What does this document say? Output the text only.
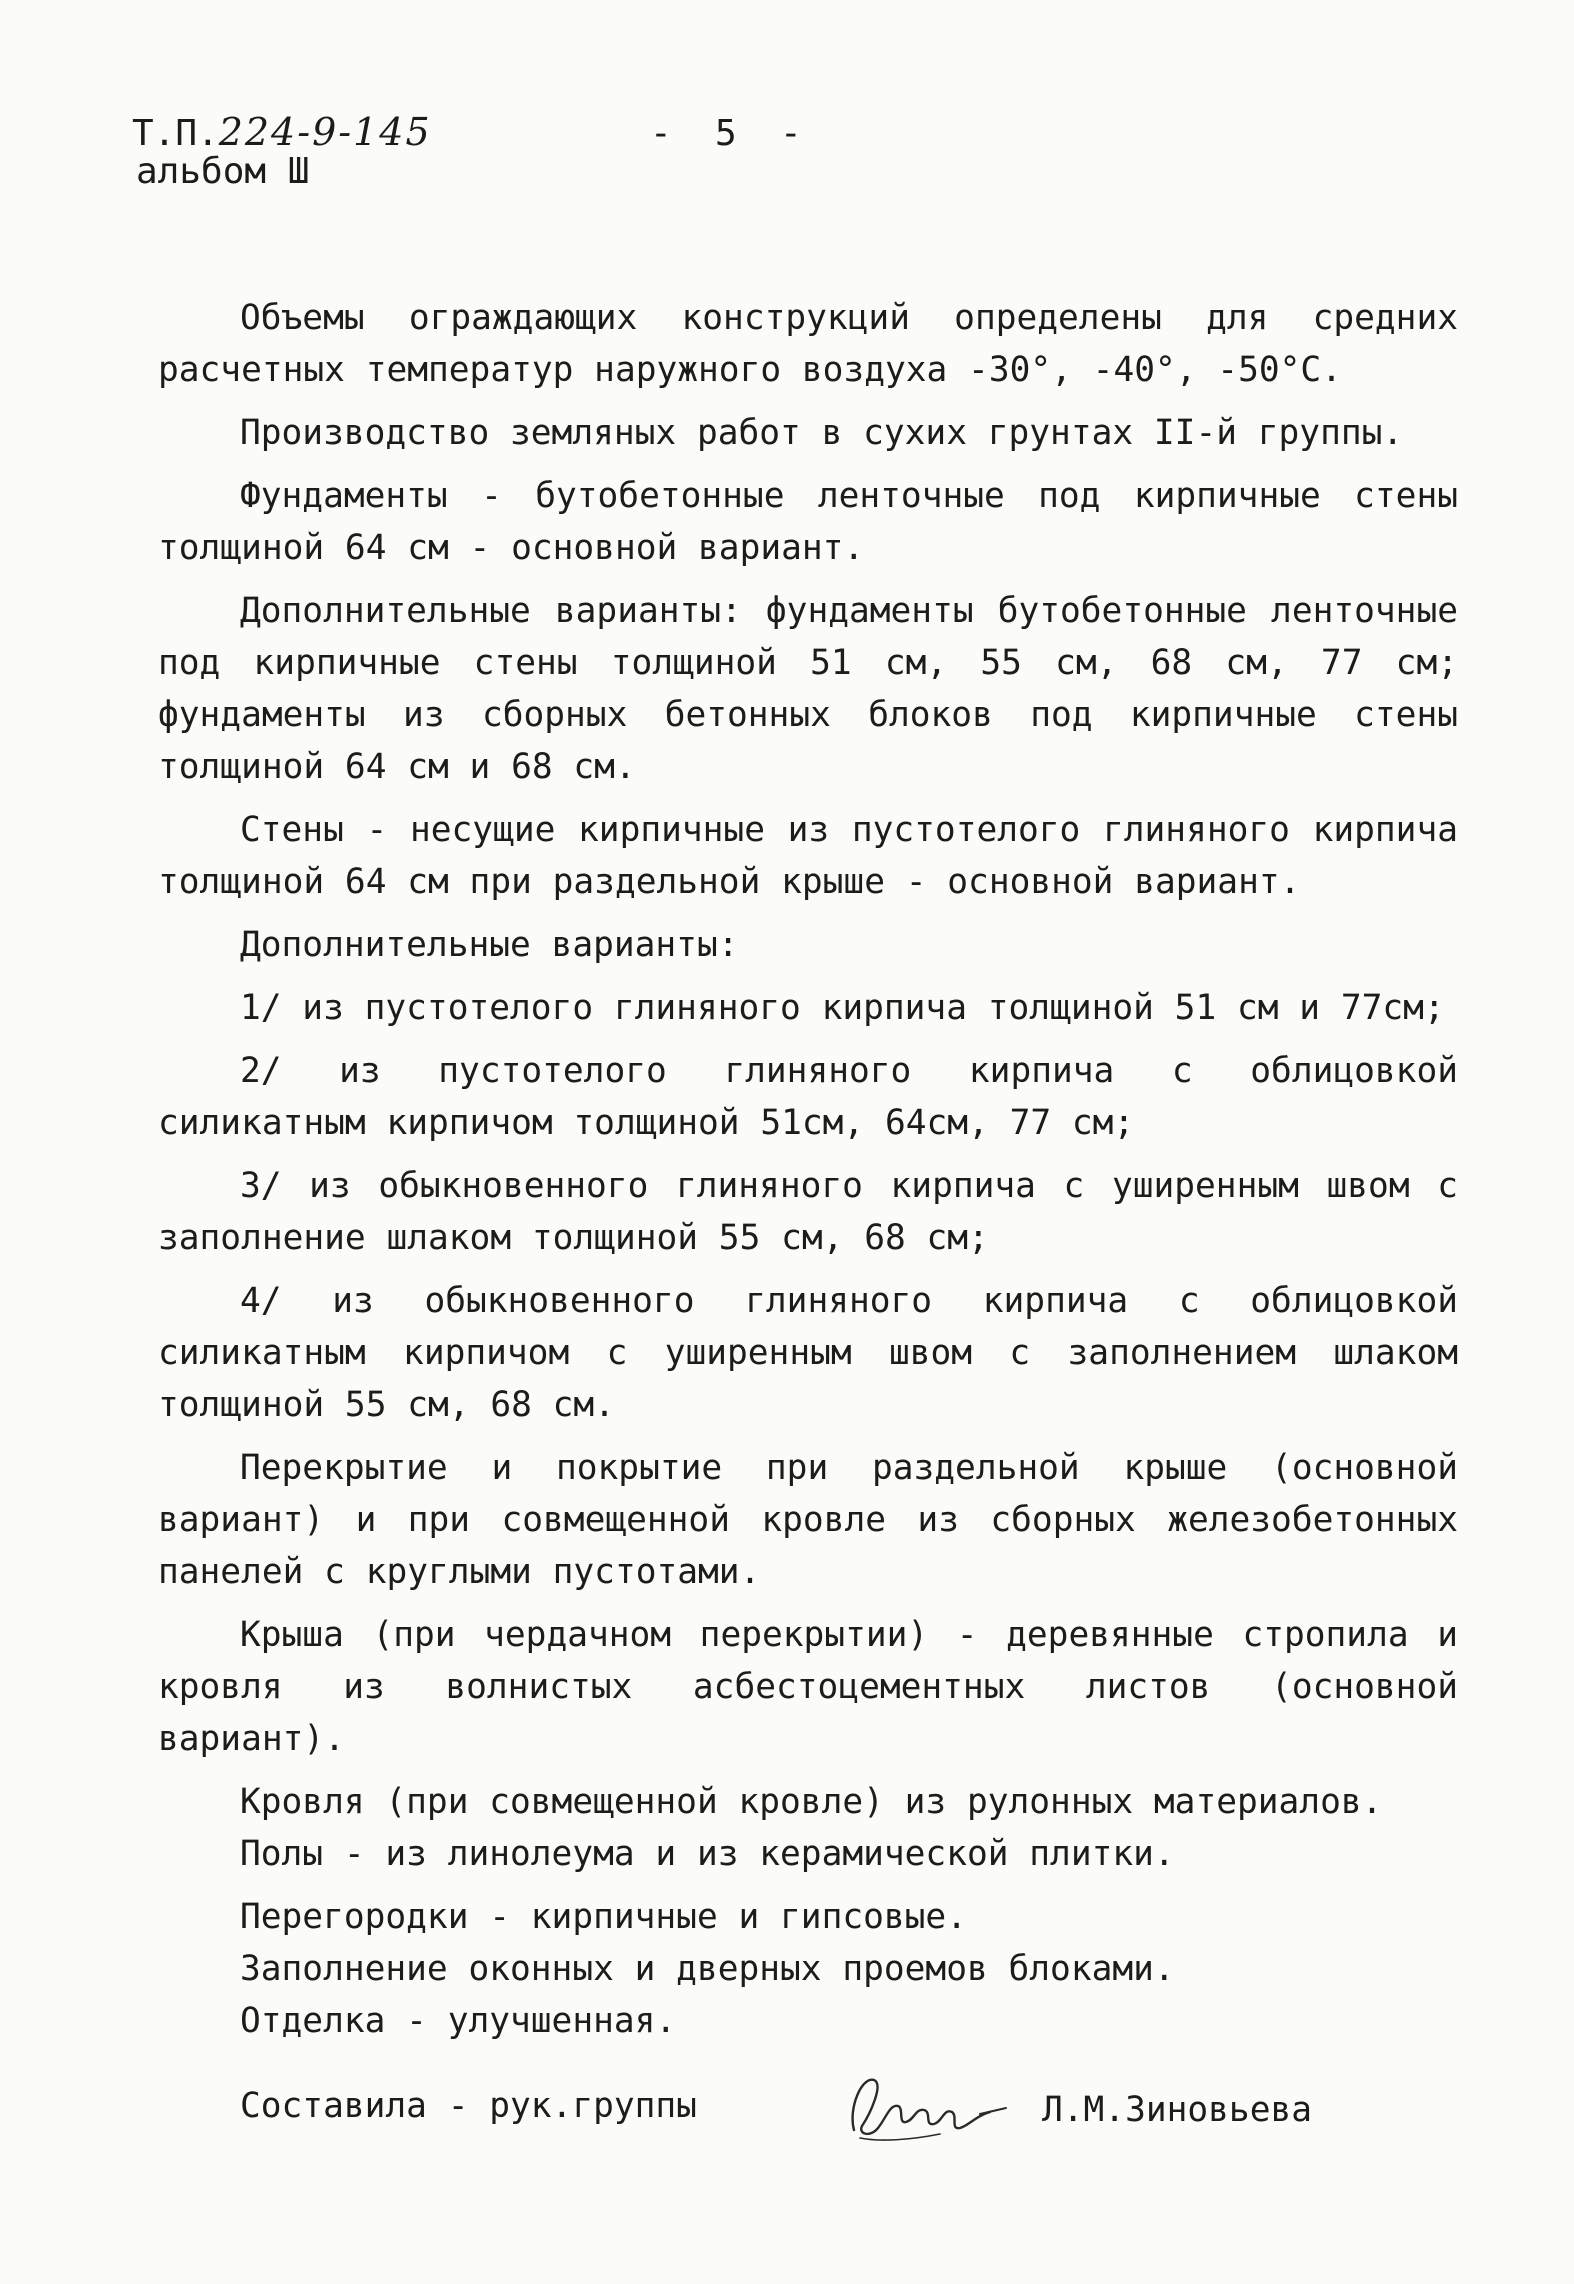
Т.П.224-9-145
альбом Ш
-  5  -

Объемы ограждающих конструкций определены для средних расчетных температур наружного воздуха -30°, -40°, -50°С.

Производство земляных работ в сухих грунтах II-й группы.

Фундаменты - бутобетонные ленточные под кирпичные стены толщиной 64 см - основной вариант.

Дополнительные варианты: фундаменты бутобетонные ленточные под кирпичные стены толщиной 51 см, 55 см, 68 см, 77 см; фундаменты из сборных бетонных блоков под кирпичные стены толщиной 64 см и 68 см.

Стены - несущие кирпичные из пустотелого глиняного кирпича толщиной 64 см при раздельной крыше - основной вариант.

Дополнительные варианты:

1/ из пустотелого глиняного кирпича толщиной 51 см и 77см;

2/ из пустотелого глиняного кирпича с облицовкой силикатным кирпичом толщиной 51см, 64см, 77 см;

3/ из обыкновенного глиняного кирпича с уширенным швом с заполнение шлаком толщиной 55 см, 68 см;

4/ из обыкновенного глиняного кирпича с облицовкой силикатным кирпичом с уширенным швом с заполнением шлаком толщиной 55 см, 68 см.

Перекрытие и покрытие при раздельной крыше (основной вариант) и при совмещенной кровле из сборных железобетонных панелей с круглыми пустотами.

Крыша (при чердачном перекрытии) - деревянные стропила и кровля из волнистых асбестоцементных листов (основной вариант).

Кровля (при совмещенной кровле) из рулонных материалов.

Полы - из линолеума и из керамической плитки.

Перегородки - кирпичные и гипсовые.

Заполнение оконных и дверных проемов блоками.

Отделка - улучшенная.

Составила - рук.группы	Л.М.Зиновьева
